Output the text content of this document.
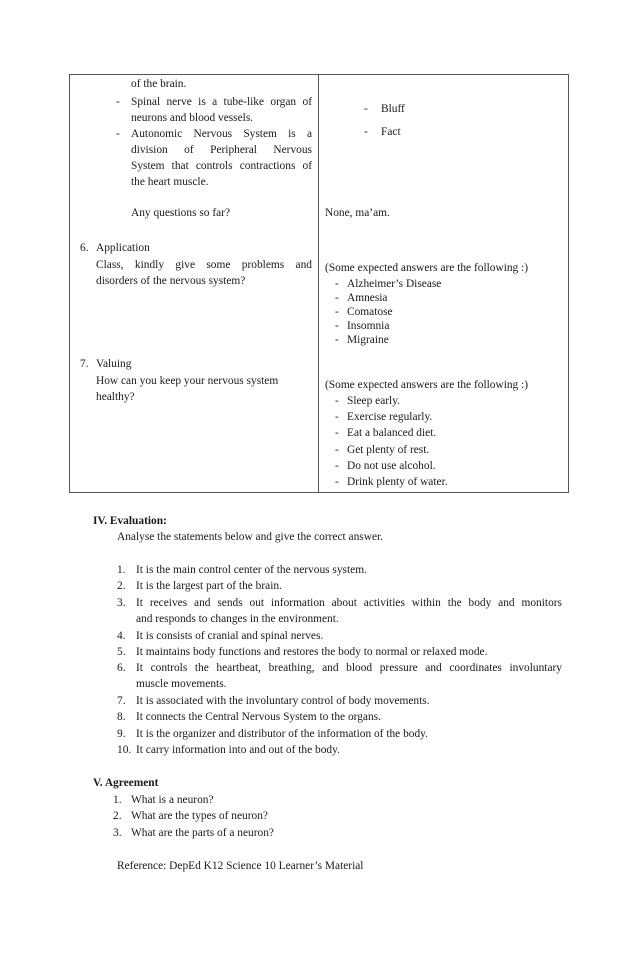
of the brain.
- Spinal nerve is a tube-like organ of
neurons and blood vessels.
- Autonomic Nervous System is a
division of Peripheral Nervous
System that controls contractions of
the heart muscle.
Any questions so far?
6. Application
Class, kindly give some problems and
disorders of the nervous system?
7. Valuing
How can you keep your nervous system
healthy?
- Bluff
- Fact
None, ma’am.
(Some expected answers are the following :)
- Alzheimer’s Disease
- Amnesia
- Comatose
- Insomnia
- Migraine
(Some expected answers are the following :)
- Sleep early.
- Exercise regularly.
- Eat a balanced diet.
- Get plenty of rest.
- Do not use alcohol.
- Drink plenty of water.
IV. Evaluation:
Analyse the statements below and give the correct answer.
1. It is the main control center of the nervous system.
2. It is the largest part of the brain.
3. It receives and sends out information about activities within the body and monitors
and responds to changes in the environment.
4. It is consists of cranial and spinal nerves.
5. It maintains body functions and restores the body to normal or relaxed mode.
6. It controls the heartbeat, breathing, and blood pressure and coordinates involuntary
muscle movements.
7. It is associated with the involuntary control of body movements.
8. It connects the Central Nervous System to the organs.
9. It is the organizer and distributor of the information of the body.
10. It carry information into and out of the body.
V. Agreement
1. What is a neuron?
2. What are the types of neuron?
3. What are the parts of a neuron?
Reference: DepEd K12 Science 10 Learner’s Material
